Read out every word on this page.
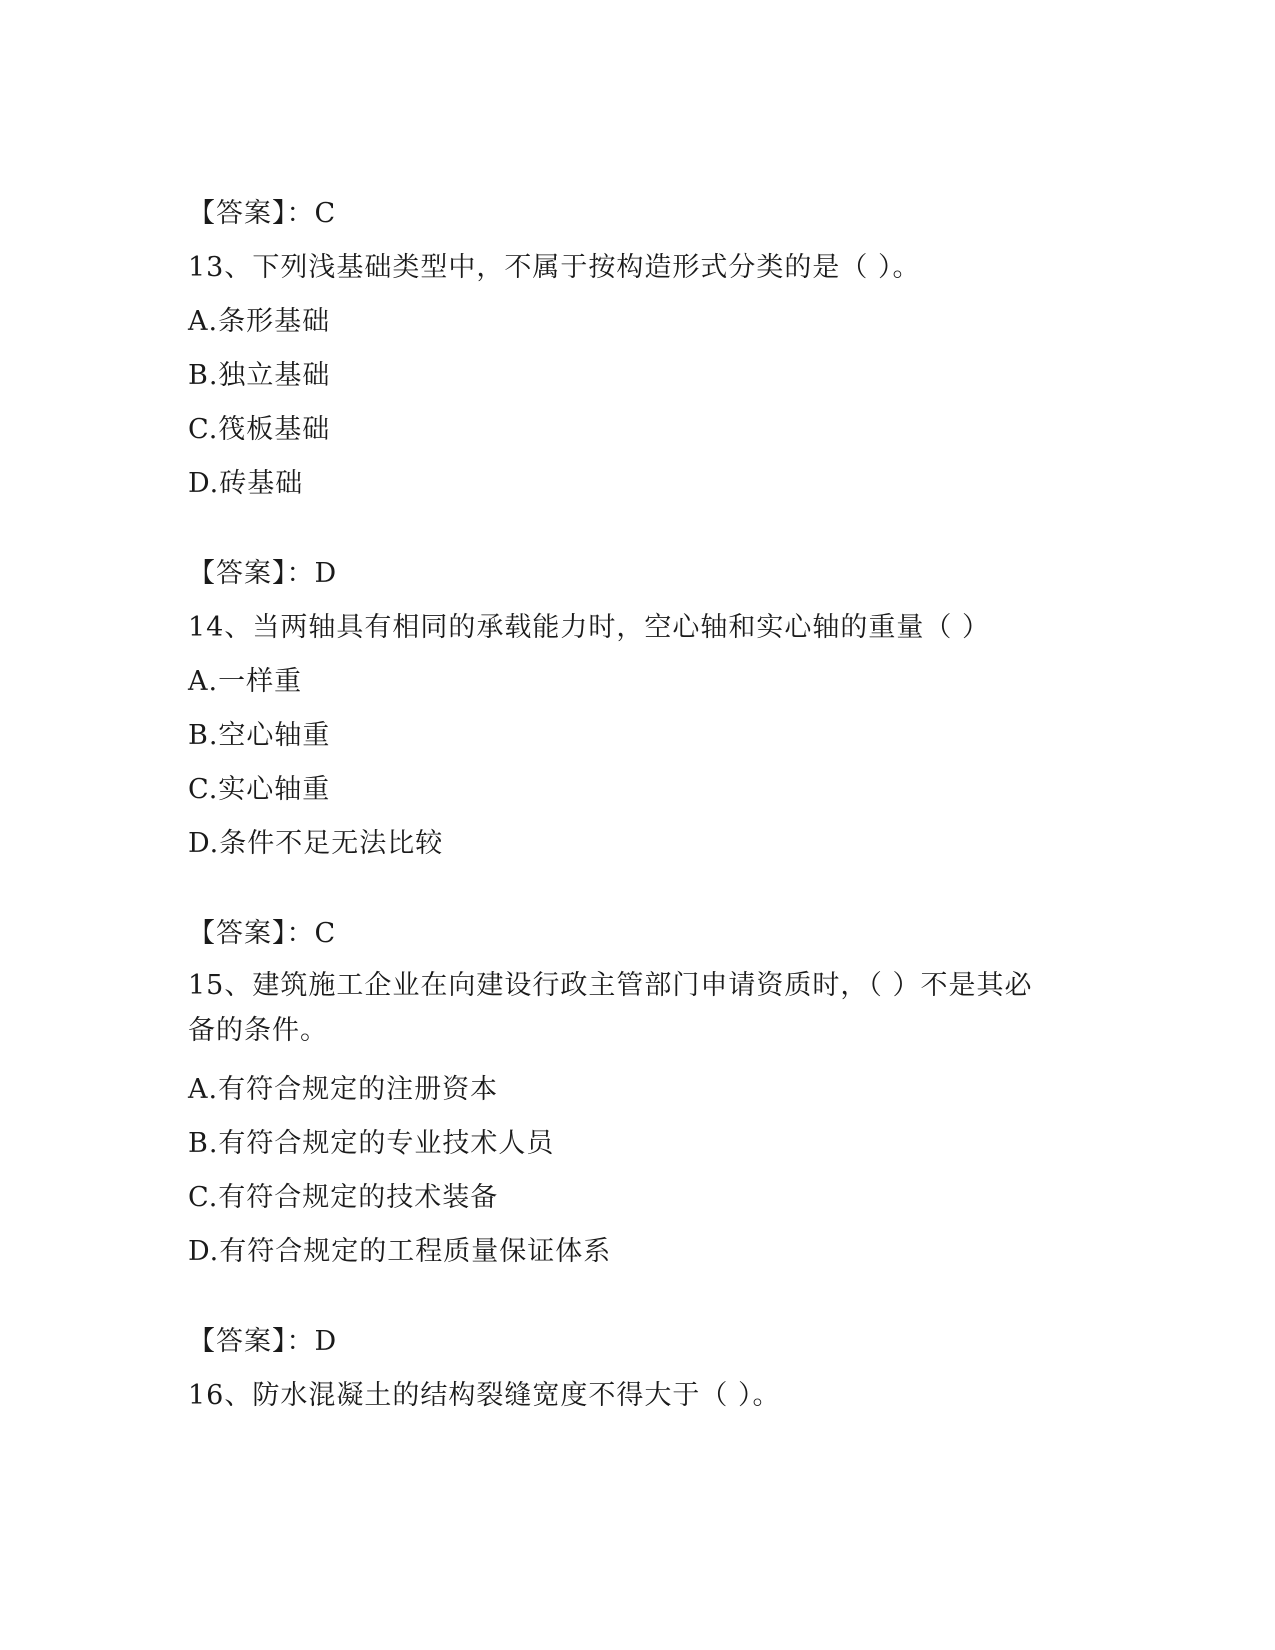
【答案】：C
13、下列浅基础类型中，不属于按构造形式分类的是（ ）。
A.条形基础
B.独立基础
C.筏板基础
D.砖基础
【答案】：D
14、当两轴具有相同的承载能力时，空心轴和实心轴的重量（ ）
A.一样重
B.空心轴重
C.实心轴重
D.条件不足无法比较
【答案】：C
15、建筑施工企业在向建设行政主管部门申请资质时，（ ）不是其必备的条件。
A.有符合规定的注册资本
B.有符合规定的专业技术人员
C.有符合规定的技术装备
D.有符合规定的工程质量保证体系
【答案】：D
16、防水混凝土的结构裂缝宽度不得大于（ ）。
